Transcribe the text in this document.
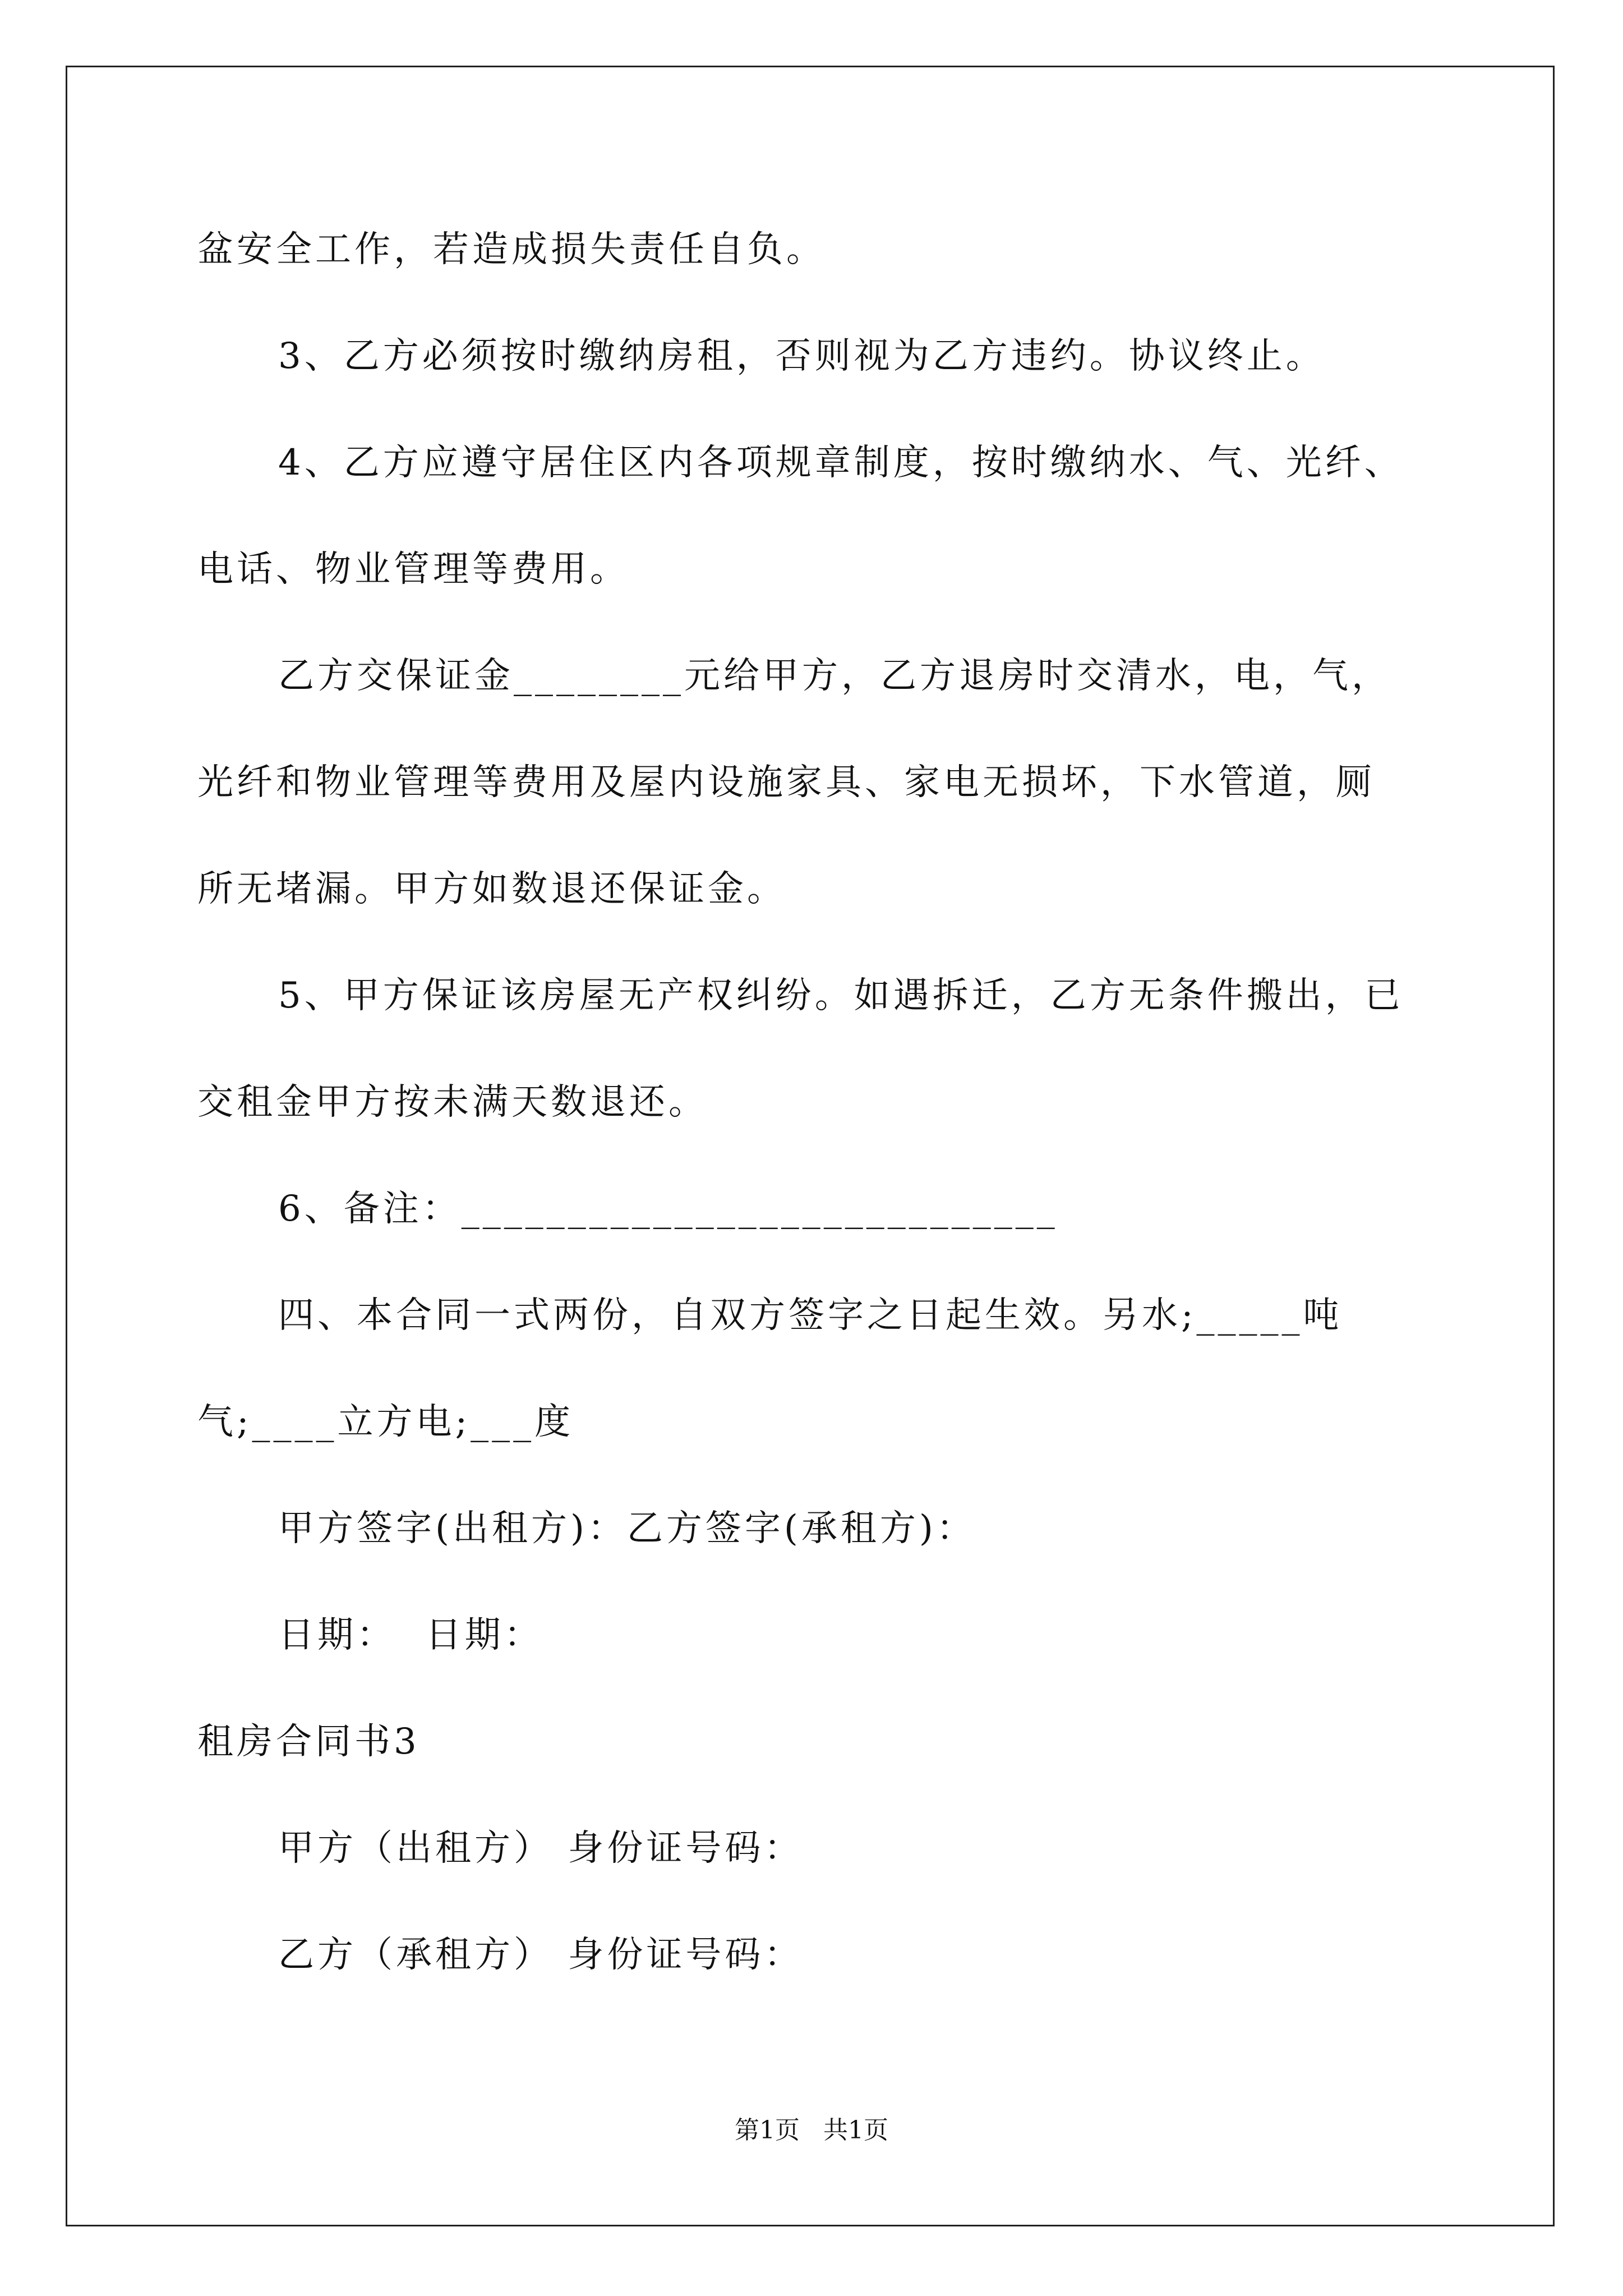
盆安全工作，若造成损失责任自负。
3、乙方必须按时缴纳房租，否则视为乙方违约。协议终止。
4、乙方应遵守居住区内各项规章制度，按时缴纳水、气、光纤、
电话、物业管理等费用。
乙方交保证金________元给甲方，乙方退房时交清水，电，气，
光纤和物业管理等费用及屋内设施家具、家电无损坏，下水管道，厕
所无堵漏。甲方如数退还保证金。
5、甲方保证该房屋无产权纠纷。如遇拆迁，乙方无条件搬出，已
交租金甲方按未满天数退还。
6、备注：____________________________
四、本合同一式两份，自双方签字之日起生效。另水;_____吨
气;____立方电;___度
甲方签字(出租方)：乙方签字(承租方)：
日期：  日期：
租房合同书3
甲方（出租方） 身份证号码：
乙方（承租方） 身份证号码：
第1页   共1页
